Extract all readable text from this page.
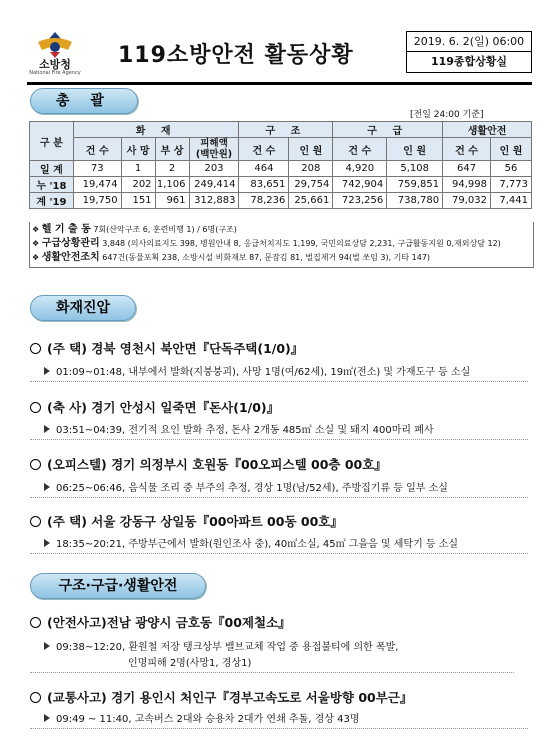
소방청
National Fire Agency
119소방안전 활동상황
2019. 6. 2(일) 06:00
119종합상황실
총 괄
[전일 24:00 기준]
구 분	화 재				구 조		구 급		생활안전	
	건 수	사 망	부 상	피해액
(백만원)	건 수	인 원	건 수	인 원	건 수	인 원
일 계	73	1	2	203	464	208	4,920	5,108	647	56
누 '18	19,474	202	1,106	249,414	83,651	29,754	742,904	759,851	94,998	7,773
계 '19	19,750	151	961	312,883	78,236	25,661	723,256	738,780	79,032	7,441
❖ 헬 기 출 동 7회(산악구조 6, 훈련비행 1) / 6명(구조)
❖ 구급상황관리 3,848 (의사의료지도 398, 병원안내 8, 응급처치지도 1,199, 국민의료상담 2,231, 구급활동지원 0,재외상담 12)
❖ 생활안전조치 647건(동물포획 238, 소방시설 비화재보 87, 문잠김 81, 벌집제거 94(벌 쏘임 3), 기타 147)
화재진압
(주 택) 경북 영천시 북안면『단독주택(1/0)』
01:09~01:48, 내부에서 발화(지붕붕괴), 사망 1명(여/62세), 19㎡(전소) 및 가재도구 등 소실
(축 사) 경기 안성시 일죽면『돈사(1/0)』
03:51~04:39, 전기적 요인 발화 추정, 돈사 2개동 485㎡ 소실 및 돼지 400마리 폐사
(오피스텔) 경기 의정부시 호원동『00오피스텔 00층 00호』
06:25~06:46, 음식물 조리 중 부주의 추정, 경상 1명(남/52세), 주방집기류 등 일부 소실
(주 택) 서울 강동구 상일동『00아파트 00동 00호』
18:35~20:21, 주방부근에서 발화(원인조사 중), 40㎡소실, 45㎡ 그을음 및 세탁기 등 소실
구조·구급·생활안전
(안전사고)전남 광양시 금호동『00제철소』
09:38~12:20, 환원철 저장 탱크상부 밸브교체 작업 중 용접불티에 의한 폭발,
인명피해 2명(사망1, 경상1)
(교통사고) 경기 용인시 처인구『경부고속도로 서울방향 00부근』
09:49 ~ 11:40, 고속버스 2대와 승용차 2대가 연쇄 추돌, 경상 43명
